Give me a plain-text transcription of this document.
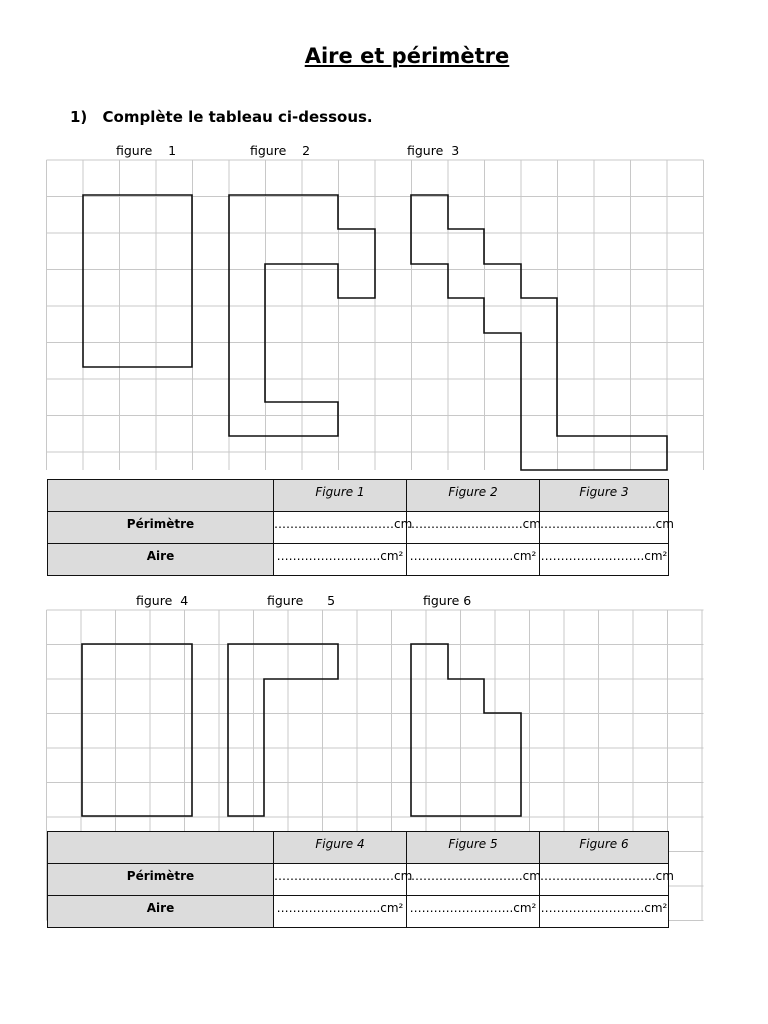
Aire et périmètre
1) Complète le tableau ci-dessous.
figure    1	figure    2	figure  3
figure  4	figure      5	figure 6
	Figure 1	Figure 2	Figure 3
Périmètre	…………………………cm	………………………..cm	………………………..cm
Aire	……………………..cm²	……………………..cm²	……………………..cm²
	Figure 4	Figure 5	Figure 6
Périmètre	…………………………cm	………………………..cm	………………………..cm
Aire	……………………..cm²	……………………..cm²	……………………..cm²
